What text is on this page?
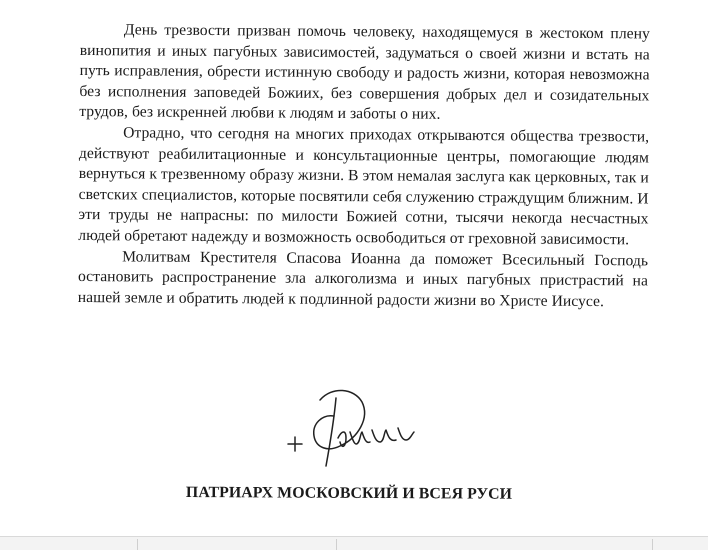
День трезвости призван помочь человеку, находящемуся в жестоком плену винопития и иных пагубных зависимостей, задуматься о своей жизни и встать на путь исправления, обрести истинную свободу и радость жизни, которая невозможна без исполнения заповедей Божиих, без совершения добрых дел и созидательных трудов, без искренней любви к людям и заботы о них.

Отрадно, что сегодня на многих приходах открываются общества трезвости, действуют реабилитационные и консультационные центры, помогающие людям вернуться к трезвенному образу жизни. В этом немалая заслуга как церковных, так и светских специалистов, которые посвятили себя служению страждущим ближним. И эти труды не напрасны: по милости Божией сотни, тысячи некогда несчастных людей обретают надежду и возможность освободиться от греховной зависимости.

Молитвам Крестителя Спасова Иоанна да поможет Всесильный Господь остановить распространение зла алкоголизма и иных пагубных пристрастий на нашей земле и обратить людей к подлинной радости жизни во Христе Иисусе.

ПАТРИАРХ МОСКОВСКИЙ И ВСЕЯ РУСИ
